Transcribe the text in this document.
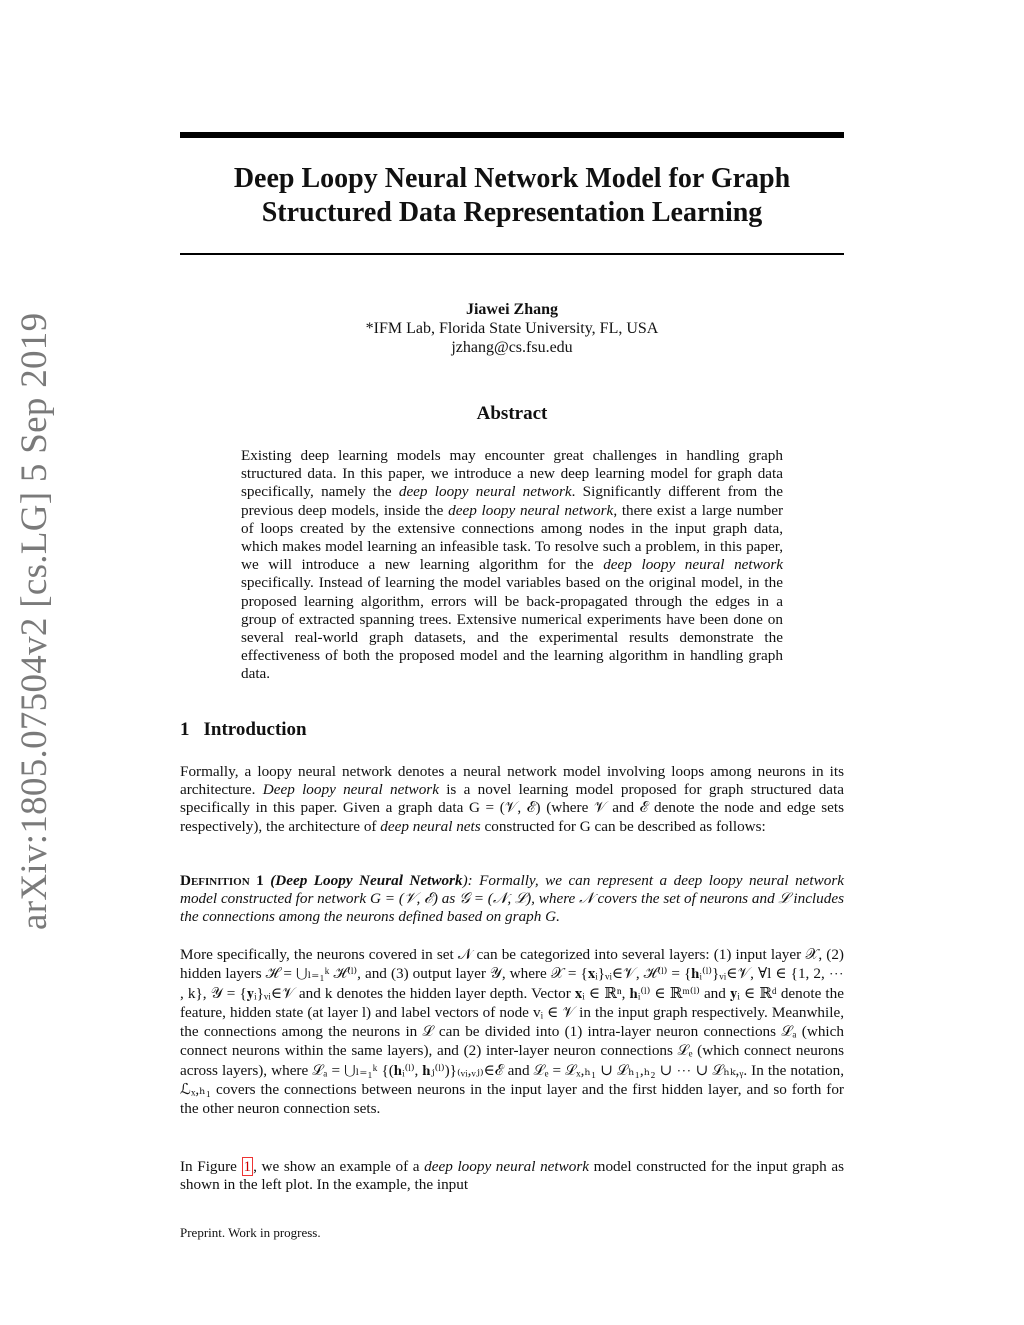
arXiv:1805.07504v2 [cs.LG] 5 Sep 2019
Deep Loopy Neural Network Model for Graph
Structured Data Representation Learning
Jiawei Zhang
*IFM Lab, Florida State University, FL, USA
jzhang@cs.fsu.edu
Abstract
Existing deep learning models may encounter great challenges in handling graph structured data. In this paper, we introduce a new deep learning model for graph data specifically, namely the deep loopy neural network. Significantly different from the previous deep models, inside the deep loopy neural network, there exist a large number of loops created by the extensive connections among nodes in the input graph data, which makes model learning an infeasible task. To resolve such a problem, in this paper, we will introduce a new learning algorithm for the deep loopy neural network specifically. Instead of learning the model variables based on the original model, in the proposed learning algorithm, errors will be back-propagated through the edges in a group of extracted spanning trees. Extensive numerical experiments have been done on several real-world graph datasets, and the experimental results demonstrate the effectiveness of both the proposed model and the learning algorithm in handling graph data.
1 Introduction
Formally, a loopy neural network denotes a neural network model involving loops among neurons in its architecture. Deep loopy neural network is a novel learning model proposed for graph structured data specifically in this paper. Given a graph data G = (𝒱, ℰ) (where 𝒱 and ℰ denote the node and edge sets respectively), the architecture of deep neural nets constructed for G can be described as follows:
Definition 1 (Deep Loopy Neural Network): Formally, we can represent a deep loopy neural network model constructed for network G = (𝒱, ℰ) as 𝒢 = (𝒩, ℒ), where 𝒩 covers the set of neurons and ℒ includes the connections among the neurons defined based on graph G.
More specifically, the neurons covered in set 𝒩 can be categorized into several layers: (1) input layer 𝒳, (2) hidden layers ℋ = ⋃ₗ₌₁ᵏ ℋ⁽ˡ⁾, and (3) output layer 𝒴, where 𝒳 = {𝐱ᵢ}ᵥᵢ∈𝒱, ℋ⁽ˡ⁾ = {𝐡ᵢ⁽ˡ⁾}ᵥᵢ∈𝒱, ∀l ∈ {1, 2, ⋯ , k}, 𝒴 = {𝐲ᵢ}ᵥᵢ∈𝒱 and k denotes the hidden layer depth. Vector 𝐱ᵢ ∈ ℝⁿ, 𝐡ᵢ⁽ˡ⁾ ∈ ℝᵐ⁽ˡ⁾ and 𝐲ᵢ ∈ ℝᵈ denote the feature, hidden state (at layer l) and label vectors of node vᵢ ∈ 𝒱 in the input graph respectively. Meanwhile, the connections among the neurons in ℒ can be divided into (1) intra-layer neuron connections ℒₐ (which connect neurons within the same layers), and (2) inter-layer neuron connections ℒₑ (which connect neurons across layers), where ℒₐ = ⋃ₗ₌₁ᵏ {(𝐡ᵢ⁽ˡ⁾, 𝐡ⱼ⁽ˡ⁾)}₍ᵥᵢ,ᵥⱼ₎∈ℰ and ℒₑ = ℒₓ,ₕ₁ ∪ ℒₕ₁,ₕ₂ ∪ ⋯ ∪ ℒₕₖ,ᵧ. In the notation, ℒₓ,ₕ₁ covers the connections between neurons in the input layer and the first hidden layer, and so forth for the other neuron connection sets.
In Figure 1 , we show an example of a deep loopy neural network model constructed for the input graph as shown in the left plot. In the example, the input
Preprint. Work in progress.
